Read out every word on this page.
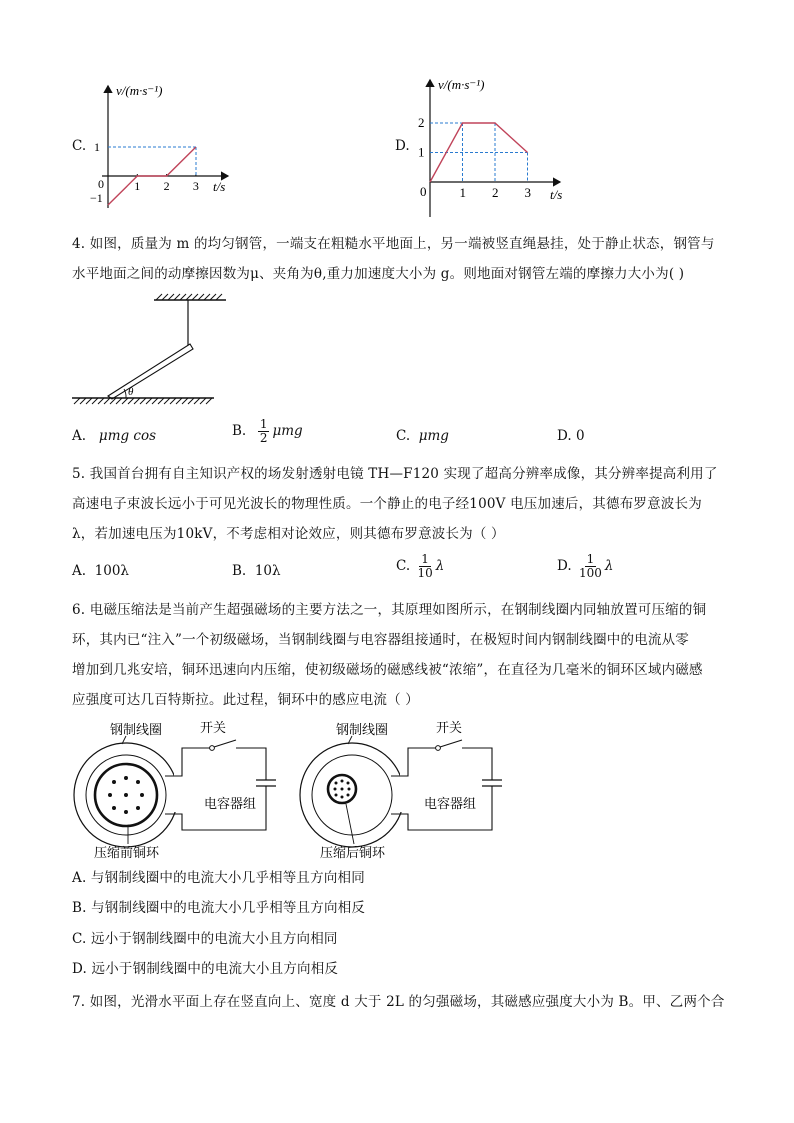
C.
v/(m·s⁻¹)
t/s
0
1
−1
1 2 3
D.
v/(m·s⁻¹)
t/s
0	1 2 3
1
2
4. 如图，质量为 m 的均匀钢管，一端支在粗糙水平地面上，另一端被竖直绳悬挂，处于静止状态，钢管与
水平地面之间的动摩擦因数为μ、夹角为θ,重力加速度大小为 g。则地面对钢管左端的摩擦力大小为( )
θ
A. μmg cos	B. $\frac{1}{2}$ μmg	C. μmg	D. 0
5. 我国首台拥有自主知识产权的场发射透射电镜 TH—F120 实现了超高分辨率成像，其分辨率提高利用了
高速电子束波长远小于可见光波长的物理性质。一个静止的电子经100V 电压加速后，其德布罗意波长为
λ，若加速电压为10kV，不考虑相对论效应，则其德布罗意波长为（ ）
A. 100λ	B. 10λ	C. $\frac{1}{10}$ λ	D. $\frac{1}{100}$ λ
6. 电磁压缩法是当前产生超强磁场的主要方法之一，其原理如图所示，在钢制线圈内同轴放置可压缩的铜
环，其内已“注入”一个初级磁场，当钢制线圈与电容器组接通时，在极短时间内钢制线圈中的电流从零
增加到几兆安培，铜环迅速向内压缩，使初级磁场的磁感线被“浓缩”，在直径为几毫米的铜环区域内磁感
应强度可达几百特斯拉。此过程，铜环中的感应电流（ ）
钢制线圈	开关
电容器组
压缩前铜环
钢制线圈	开关
电容器组
压缩后铜环
A. 与钢制线圈中的电流大小几乎相等且方向相同
B. 与钢制线圈中的电流大小几乎相等且方向相反
C. 远小于钢制线圈中的电流大小且方向相同
D. 远小于钢制线圈中的电流大小且方向相反
7. 如图，光滑水平面上存在竖直向上、宽度 d 大于 2L 的匀强磁场，其磁感应强度大小为 B。甲、乙两个合
